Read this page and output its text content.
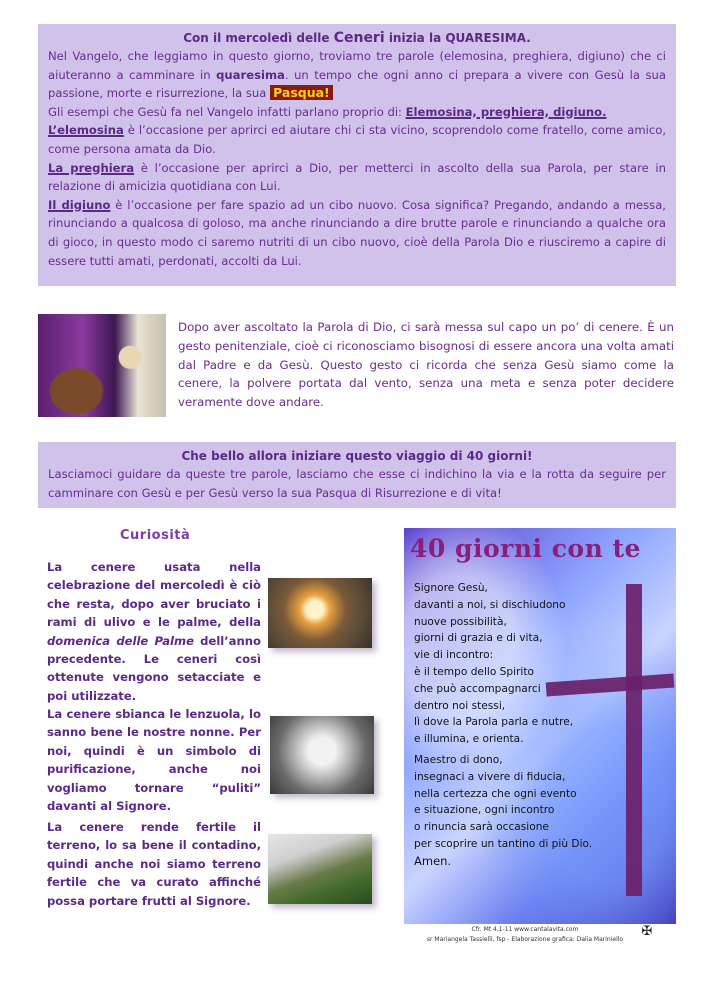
Con il mercoledì delle Ceneri inizia la QUARESIMA.

Nel Vangelo, che leggiamo in questo giorno, troviamo tre parole (elemosina, preghiera, digiuno) che ci aiuteranno a camminare in quaresima. un tempo che ogni anno ci prepara a vivere con Gesù la sua passione, morte e risurrezione, la sua Pasqua!

Gli esempi che Gesù fa nel Vangelo infatti parlano proprio di: Elemosina, preghiera, digiuno.

L’elemosina è l’occasione per aprirci ed aiutare chi ci sta vicino, scoprendolo come fratello, come amico, come persona amata da Dio.

La preghiera è l’occasione per aprirci a Dio, per metterci in ascolto della sua Parola, per stare in relazione di amicizia quotidiana con Lui.

Il digiuno è l’occasione per fare spazio ad un cibo nuovo. Cosa significa? Pregando, andando a messa, rinunciando a qualcosa di goloso, ma anche rinunciando a dire brutte parole e rinunciando a qualche ora di gioco, in questo modo ci saremo nutriti di un cibo nuovo, cioè della Parola Dio e riusciremo a capire di essere tutti amati, perdonati, accolti da Lui.

Dopo aver ascoltato la Parola di Dio, ci sarà messa sul capo un po’ di cenere. È un gesto penitenziale, cioè ci riconosciamo bisognosi di essere ancora una volta amati dal Padre e da Gesù. Questo gesto ci ricorda che senza Gesù siamo come la cenere, la polvere portata dal vento, senza una meta e senza poter decidere veramente dove andare.

Che bello allora iniziare questo viaggio di 40 giorni!

Lasciamoci guidare da queste tre parole, lasciamo che esse ci indichino la via e la rotta da seguire per camminare con Gesù e per Gesù verso la sua Pasqua di Risurrezione e di vita!

Curiosità

La cenere usata nella celebrazione del mercoledì è ciò che resta, dopo aver bruciato i rami di ulivo e le palme, della domenica delle Palme dell’anno precedente. Le ceneri così ottenute vengono setacciate e poi utilizzate.

La cenere sbianca le lenzuola, lo sanno bene le nostre nonne. Per noi, quindi è un simbolo di purificazione, anche noi vogliamo tornare “puliti” davanti al Signore.

La cenere rende fertile il terreno, lo sa bene il contadino, quindi anche noi siamo terreno fertile che va curato affinché possa portare frutti al Signore.

40 giorni con te
Signore Gesù,
davanti a noi, si dischiudono
nuove possibilità,
giorni di grazia e di vita,
vie di incontro:
è il tempo dello Spirito
che può accompagnarci
dentro noi stessi,
lì dove la Parola parla e nutre,
e illumina, e orienta.
Maestro di dono,
insegnaci a vivere di fiducia,
nella certezza che ogni evento
e situazione, ogni incontro
o rinuncia sarà occasione
per scoprire un tantino di più Dio.
Amen.
Cfr. Mt 4,1-11 www.cantalavita.com
sr Mariangela Tassielli, fsp - Elaborazione grafica: Dalia Mariniello
✠
